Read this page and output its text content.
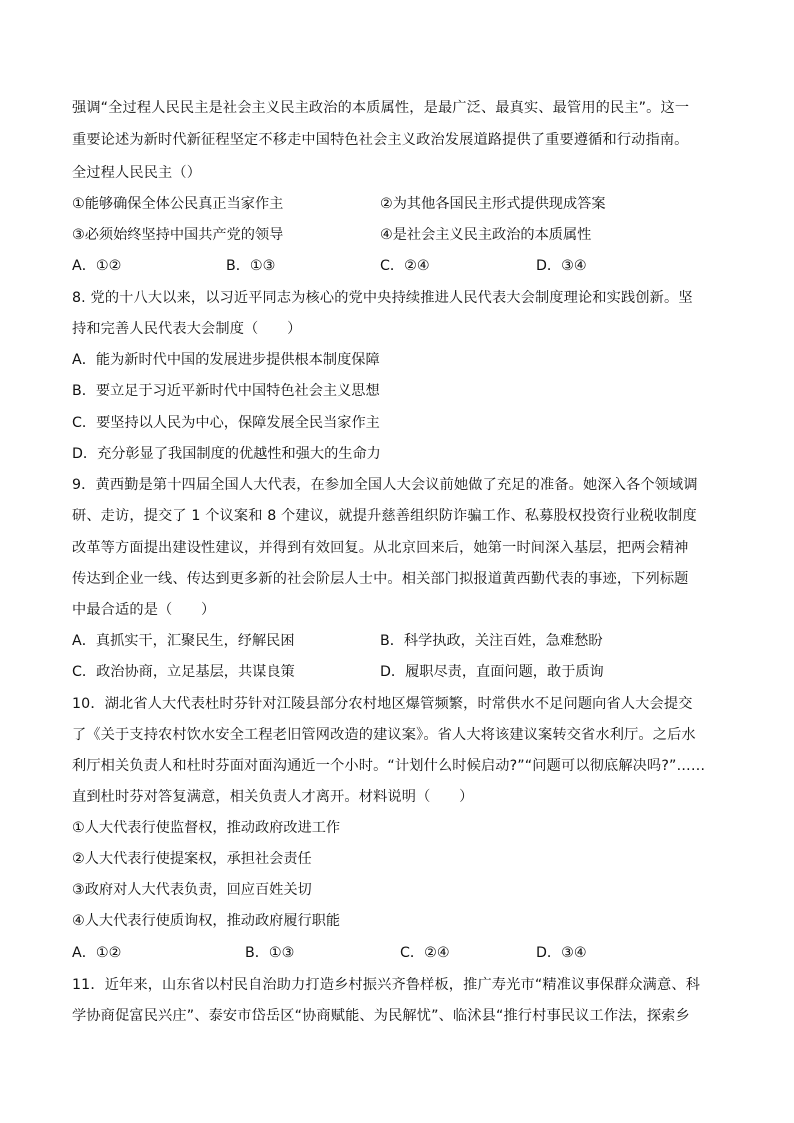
强调“全过程人民民主是社会主义民主政治的本质属性，是最广泛、最真实、最管用的民主”。这一
重要论述为新时代新征程坚定不移走中国特色社会主义政治发展道路提供了重要遵循和行动指南。
全过程人民民主（）
①能够确保全体公民真正当家作主	②为其他各国民主形式提供现成答案
③必须始终坚持中国共产党的领导	④是社会主义民主政治的本质属性
A．①②	B．①③	C．②④	D．③④
8. 党的十八大以来，以习近平同志为核心的党中央持续推进人民代表大会制度理论和实践创新。坚
持和完善人民代表大会制度（　　）
A．能为新时代中国的发展进步提供根本制度保障
B．要立足于习近平新时代中国特色社会主义思想
C．要坚持以人民为中心，保障发展全民当家作主
D．充分彰显了我国制度的优越性和强大的生命力
9．黄西勤是第十四届全国人大代表，在参加全国人大会议前她做了充足的准备。她深入各个领域调
研、走访，提交了 1 个议案和 8 个建议，就提升慈善组织防诈骗工作、私募股权投资行业税收制度
改革等方面提出建设性建议，并得到有效回复。从北京回来后，她第一时间深入基层，把两会精神
传达到企业一线、传达到更多新的社会阶层人士中。相关部门拟报道黄西勤代表的事迹，下列标题
中最合适的是（　　）
A．真抓实干，汇聚民生，纾解民困	B．科学执政，关注百姓，急难愁盼
C．政治协商，立足基层，共谋良策	D．履职尽责，直面问题，敢于质询
10．湖北省人大代表杜时芬针对江陵县部分农村地区爆管频繁，时常供水不足问题向省人大会提交
了《关于支持农村饮水安全工程老旧管网改造的建议案》。省人大将该建议案转交省水利厅。之后水
利厅相关负责人和杜时芬面对面沟通近一个小时。“计划什么时候启动?”“问题可以彻底解决吗?”……
直到杜时芬对答复满意，相关负责人才离开。材料说明（　　）
①人大代表行使监督权，推动政府改进工作
②人大代表行使提案权，承担社会责任
③政府对人大代表负责，回应百姓关切
④人大代表行使质询权，推动政府履行职能
A．①②	B．①③	C．②④	D．③④
11．近年来，山东省以村民自治助力打造乡村振兴齐鲁样板，推广寿光市“精准议事保群众满意、科
学协商促富民兴庄”、泰安市岱岳区“协商赋能、为民解忧”、临沭县“推行村事民议工作法，探索乡
